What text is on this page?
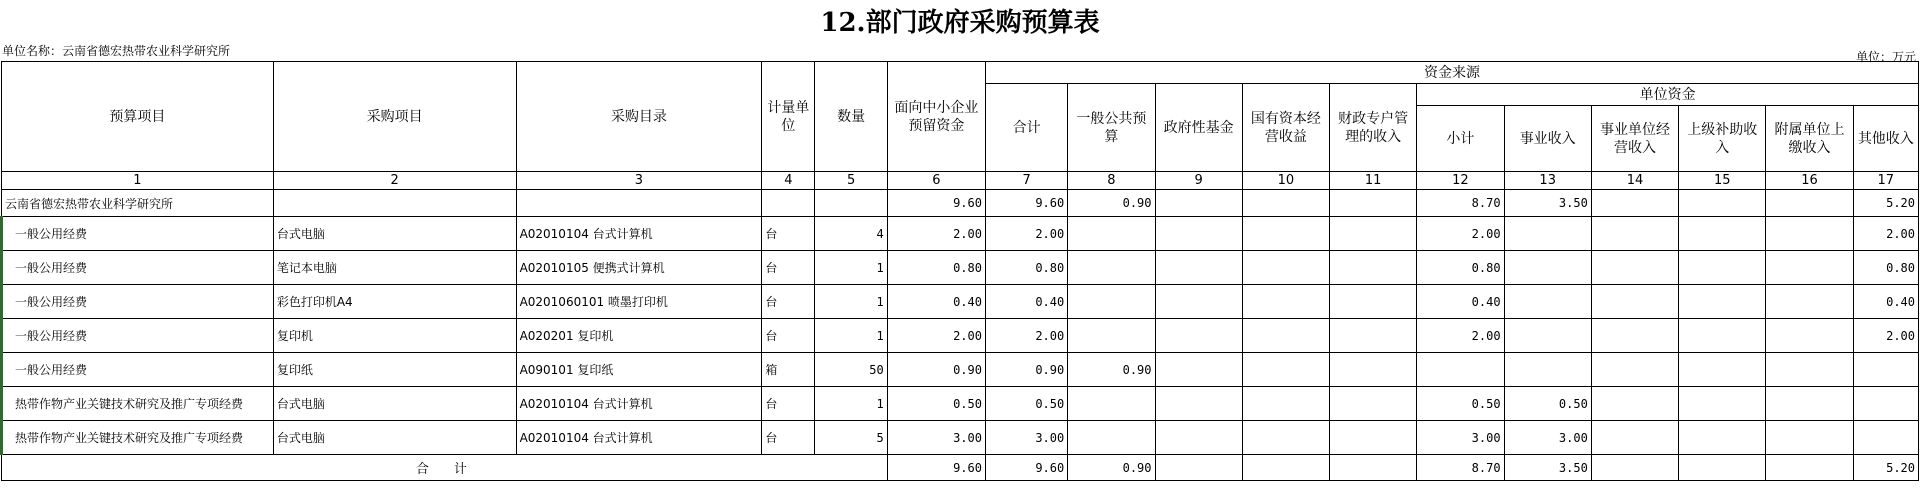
12.部门政府采购预算表
单位名称：云南省德宏热带农业科学研究所	单位：万元
预算项目	采购项目	采购目录	计量单位	数量	面向中小企业预留资金	资金来源										
						合计	一般公共预算	政府性基金	国有资本经营收益	财政专户管理的收入	单位资金					
											小计	事业收入	事业单位经营收入	上级补助收入	附属单位上缴收入	其他收入
1	2	3	4	5	6	7	8	9	10	11	12	13	14	15	16	17
云南省德宏热带农业科学研究所					9.60	9.60	0.90				8.70	3.50				5.20
一般公用经费	台式电脑	A02010104 台式计算机	台	4	2.00	2.00					2.00					2.00
一般公用经费	笔记本电脑	A02010105 便携式计算机	台	1	0.80	0.80					0.80					0.80
一般公用经费	彩色打印机A4	A0201060101 喷墨打印机	台	1	0.40	0.40					0.40					0.40
一般公用经费	复印机	A020201 复印机	台	1	2.00	2.00					2.00					2.00
一般公用经费	复印纸	A090101 复印纸	箱	50	0.90	0.90	0.90									
热带作物产业关键技术研究及推广专项经费	台式电脑	A02010104 台式计算机	台	1	0.50	0.50					0.50	0.50				
热带作物产业关键技术研究及推广专项经费	台式电脑	A02010104 台式计算机	台	5	3.00	3.00					3.00	3.00				
合　计					9.60	9.60	0.90				8.70	3.50				5.20
